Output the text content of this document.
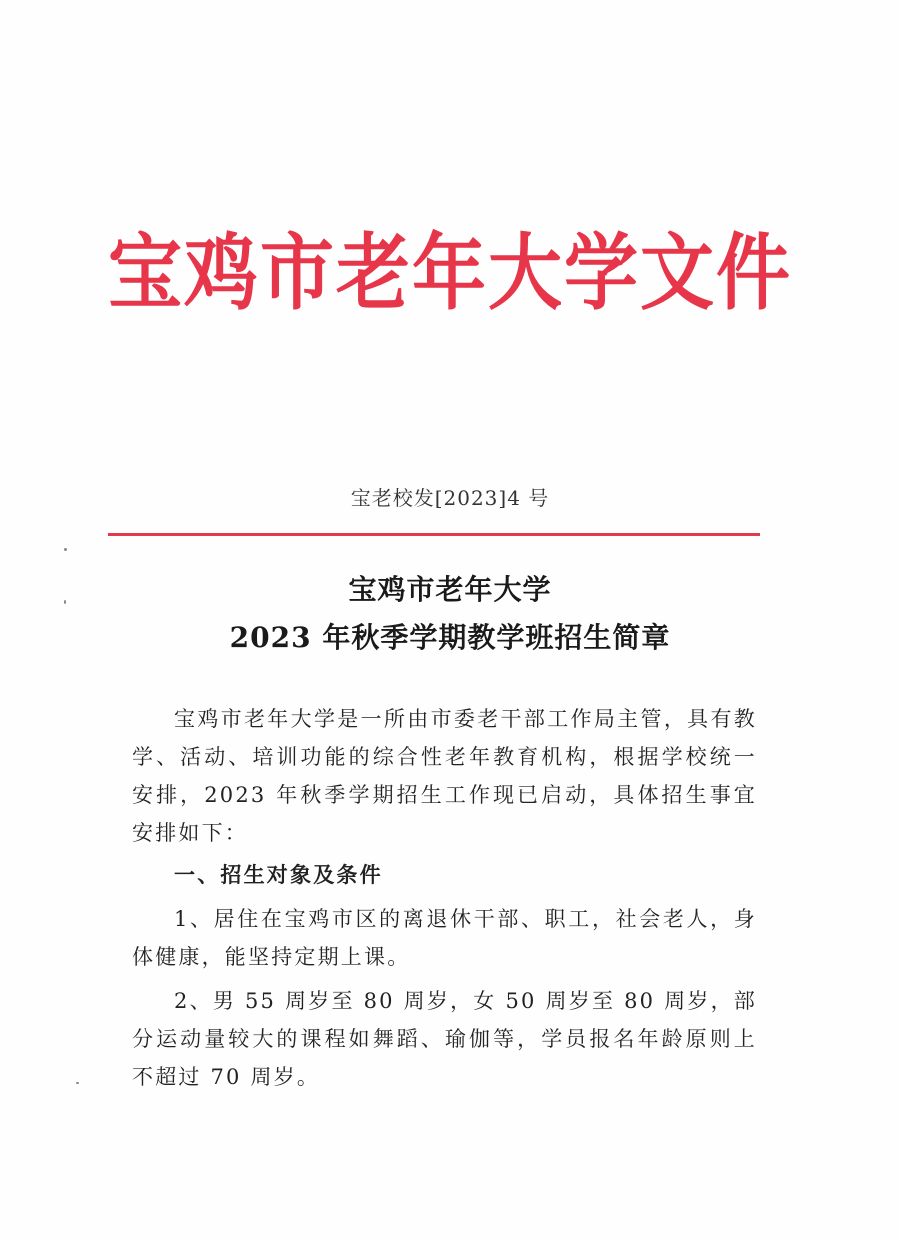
宝鸡市老年大学文件
宝老校发[2023]4 号
宝鸡市老年大学
2023 年秋季学期教学班招生简章

宝鸡市老年大学是一所由市委老干部工作局主管，具有教学、活动、培训功能的综合性老年教育机构，根据学校统一安排，2023 年秋季学期招生工作现已启动，具体招生事宜安排如下：

一、招生对象及条件

1、居住在宝鸡市区的离退休干部、职工，社会老人，身体健康，能坚持定期上课。

2、男 55 周岁至 80 周岁，女 50 周岁至 80 周岁，部分运动量较大的课程如舞蹈、瑜伽等，学员报名年龄原则上不超过 70 周岁。
